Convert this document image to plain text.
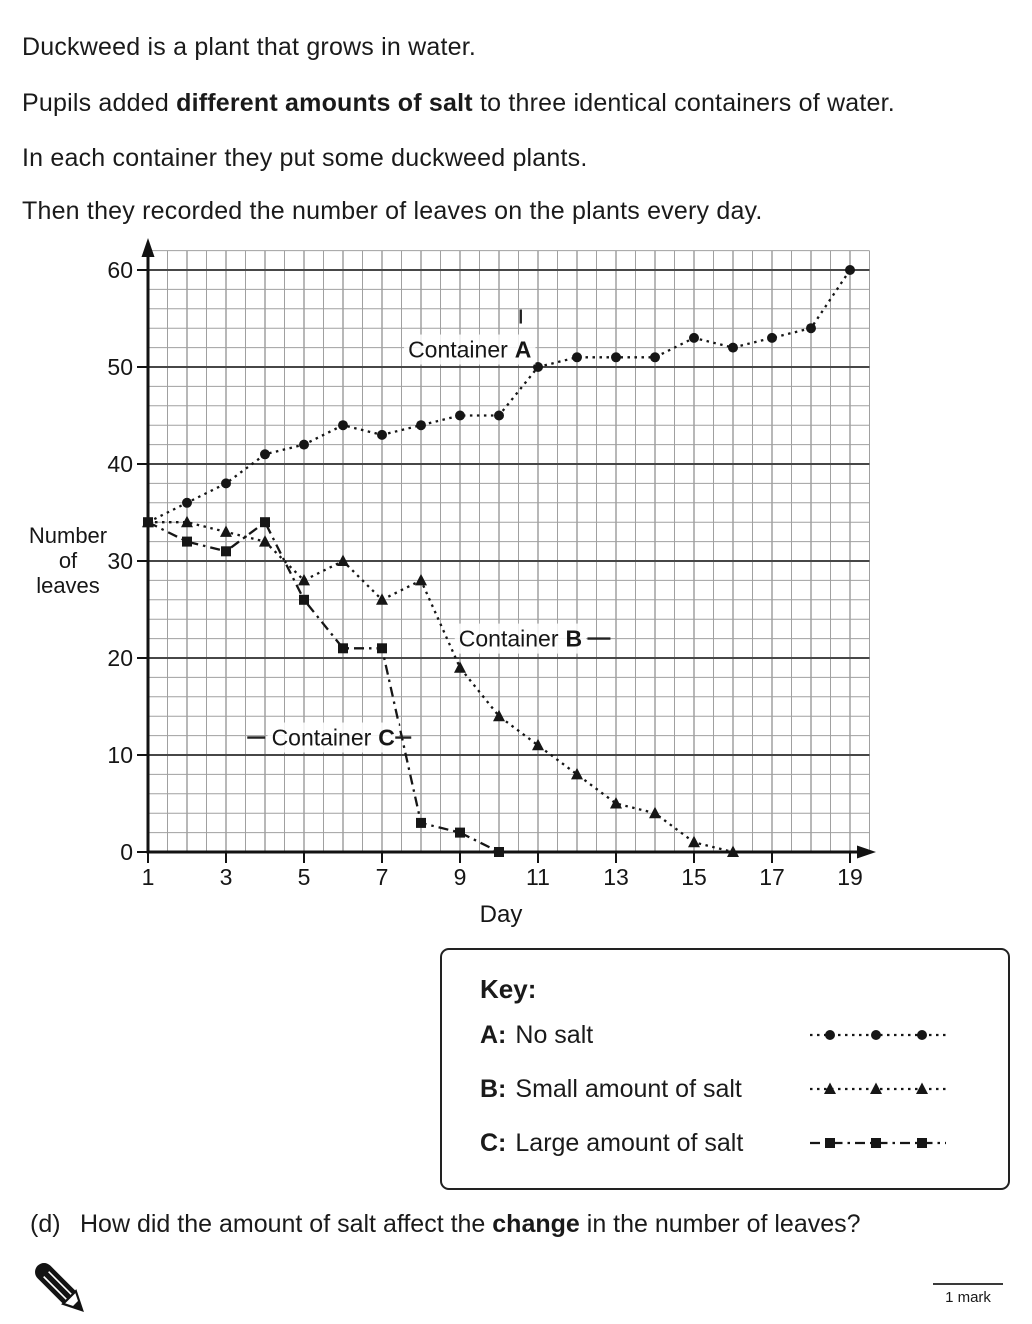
0
10
20
30
40
50
60
1	3	5	7	9	11 13 15 17 19
Number
of
leaves
Day
Container A
Container B
Container C

Duckweed is a plant that grows in water.

Pupils added different amounts of salt to three identical containers of water.

In each container they put some duckweed plants.

Then they recorded the number of leaves on the plants every day.

Key:
A: No salt
B: Small amount of salt
C: Large amount of salt
(d) How did the amount of salt affect the change in the number of leaves?
1 mark
